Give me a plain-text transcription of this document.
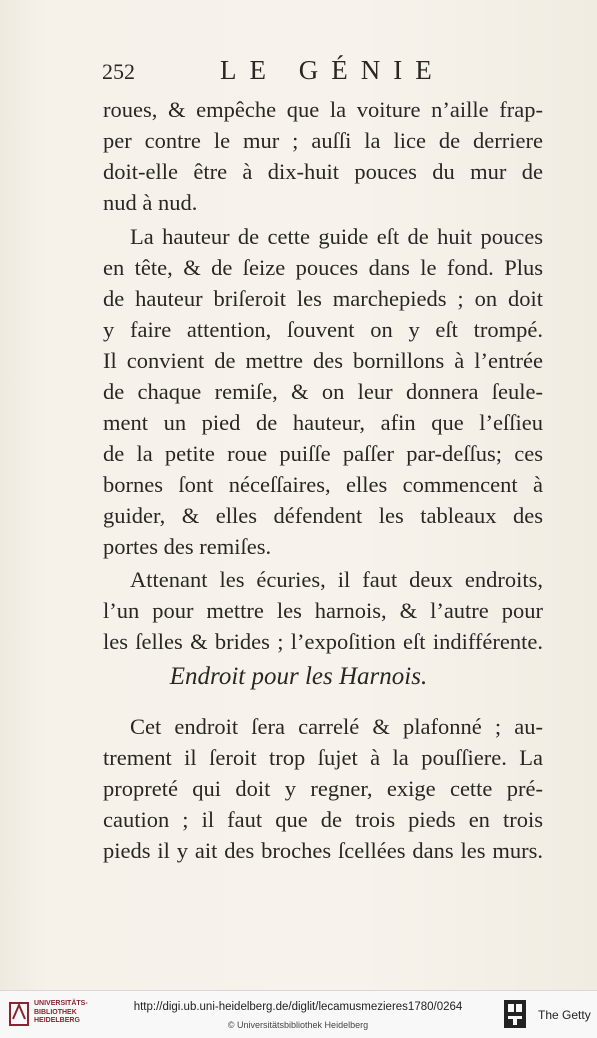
252	LE GÉNIE
roues, & empêche que la voiture n’aille frap-
per contre le mur ; auſſi la lice de derriere
doit-elle être à dix-huit pouces du mur de
nud à nud.
La hauteur de cette guide eſt de huit pouces
en tête, & de ſeize pouces dans le fond. Plus
de hauteur briſeroit les marchepieds ; on doit
y faire attention, ſouvent on y eſt trompé.
Il convient de mettre des bornillons à l’entrée
de chaque remiſe, & on leur donnera ſeule-
ment un pied de hauteur, afin que l’eſſieu
de la petite roue puiſſe paſſer par-deſſus; ces
bornes ſont néceſſaires, elles commencent à
guider, & elles défendent les tableaux des
portes des remiſes.
Attenant les écuries, il faut deux endroits,
l’un pour mettre les harnois, & l’autre pour
les ſelles & brides ; l’expoſition eſt indifférente.
Endroit pour les Harnois.
Cet endroit ſera carrelé & plafonné ; au-
trement il ſeroit trop ſujet à la pouſſiere. La
propreté qui doit y regner, exige cette pré-
caution ; il faut que de trois pieds en trois
pieds il y ait des broches ſcellées dans les murs.
UNIVERSITÄTS-
BIBLIOTHEK
HEIDELBERG
http://digi.ub.uni-heidelberg.de/diglit/lecamusmezieres1780/0264
© Universitätsbibliothek Heidelberg
The Getty
